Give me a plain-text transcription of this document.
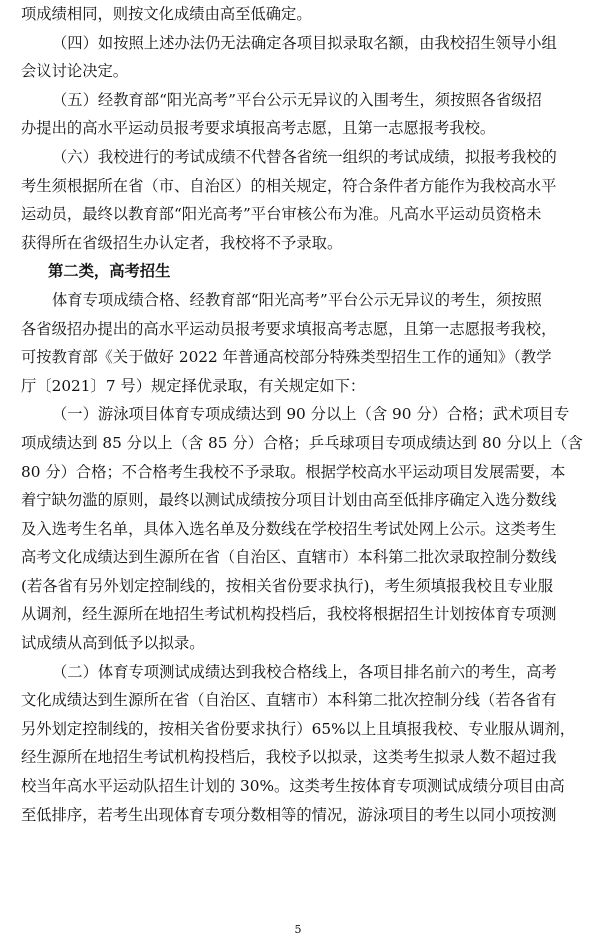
项成绩相同，则按文化成绩由高至低确定。
（四）如按照上述办法仍无法确定各项目拟录取名额，由我校招生领导小组
会议讨论决定。
（五）经教育部“阳光高考”平台公示无异议的入围考生，须按照各省级招
办提出的高水平运动员报考要求填报高考志愿，且第一志愿报考我校。
（六）我校进行的考试成绩不代替各省统一组织的考试成绩，拟报考我校的
考生须根据所在省（市、自治区）的相关规定，符合条件者方能作为我校高水平
运动员，最终以教育部“阳光高考”平台审核公布为准。凡高水平运动员资格未
获得所在省级招生办认定者，我校将不予录取。
第二类，高考招生
体育专项成绩合格、经教育部“阳光高考”平台公示无异议的考生，须按照
各省级招办提出的高水平运动员报考要求填报高考志愿，且第一志愿报考我校，
可按教育部《关于做好 2022 年普通高校部分特殊类型招生工作的通知》（教学
厅〔2021〕7 号）规定择优录取，有关规定如下：
（一）游泳项目体育专项成绩达到 90 分以上（含 90 分）合格；武术项目专
项成绩达到 85 分以上（含 85 分）合格；乒乓球项目专项成绩达到 80 分以上（含
80 分）合格；不合格考生我校不予录取。根据学校高水平运动项目发展需要，本
着宁缺勿滥的原则，最终以测试成绩按分项目计划由高至低排序确定入选分数线
及入选考生名单，具体入选名单及分数线在学校招生考试处网上公示。这类考生
高考文化成绩达到生源所在省（自治区、直辖市）本科第二批次录取控制分数线
(若各省有另外划定控制线的，按相关省份要求执行)，考生须填报我校且专业服
从调剂，经生源所在地招生考试机构投档后，我校将根据招生计划按体育专项测
试成绩从高到低予以拟录。
（二）体育专项测试成绩达到我校合格线上，各项目排名前六的考生，高考
文化成绩达到生源所在省（自治区、直辖市）本科第二批次控制分线（若各省有
另外划定控制线的，按相关省份要求执行）65%以上且填报我校、专业服从调剂，
经生源所在地招生考试机构投档后，我校予以拟录，这类考生拟录人数不超过我
校当年高水平运动队招生计划的 30%。这类考生按体育专项测试成绩分项目由高
至低排序，若考生出现体育专项分数相等的情况，游泳项目的考生以同小项按测
5
